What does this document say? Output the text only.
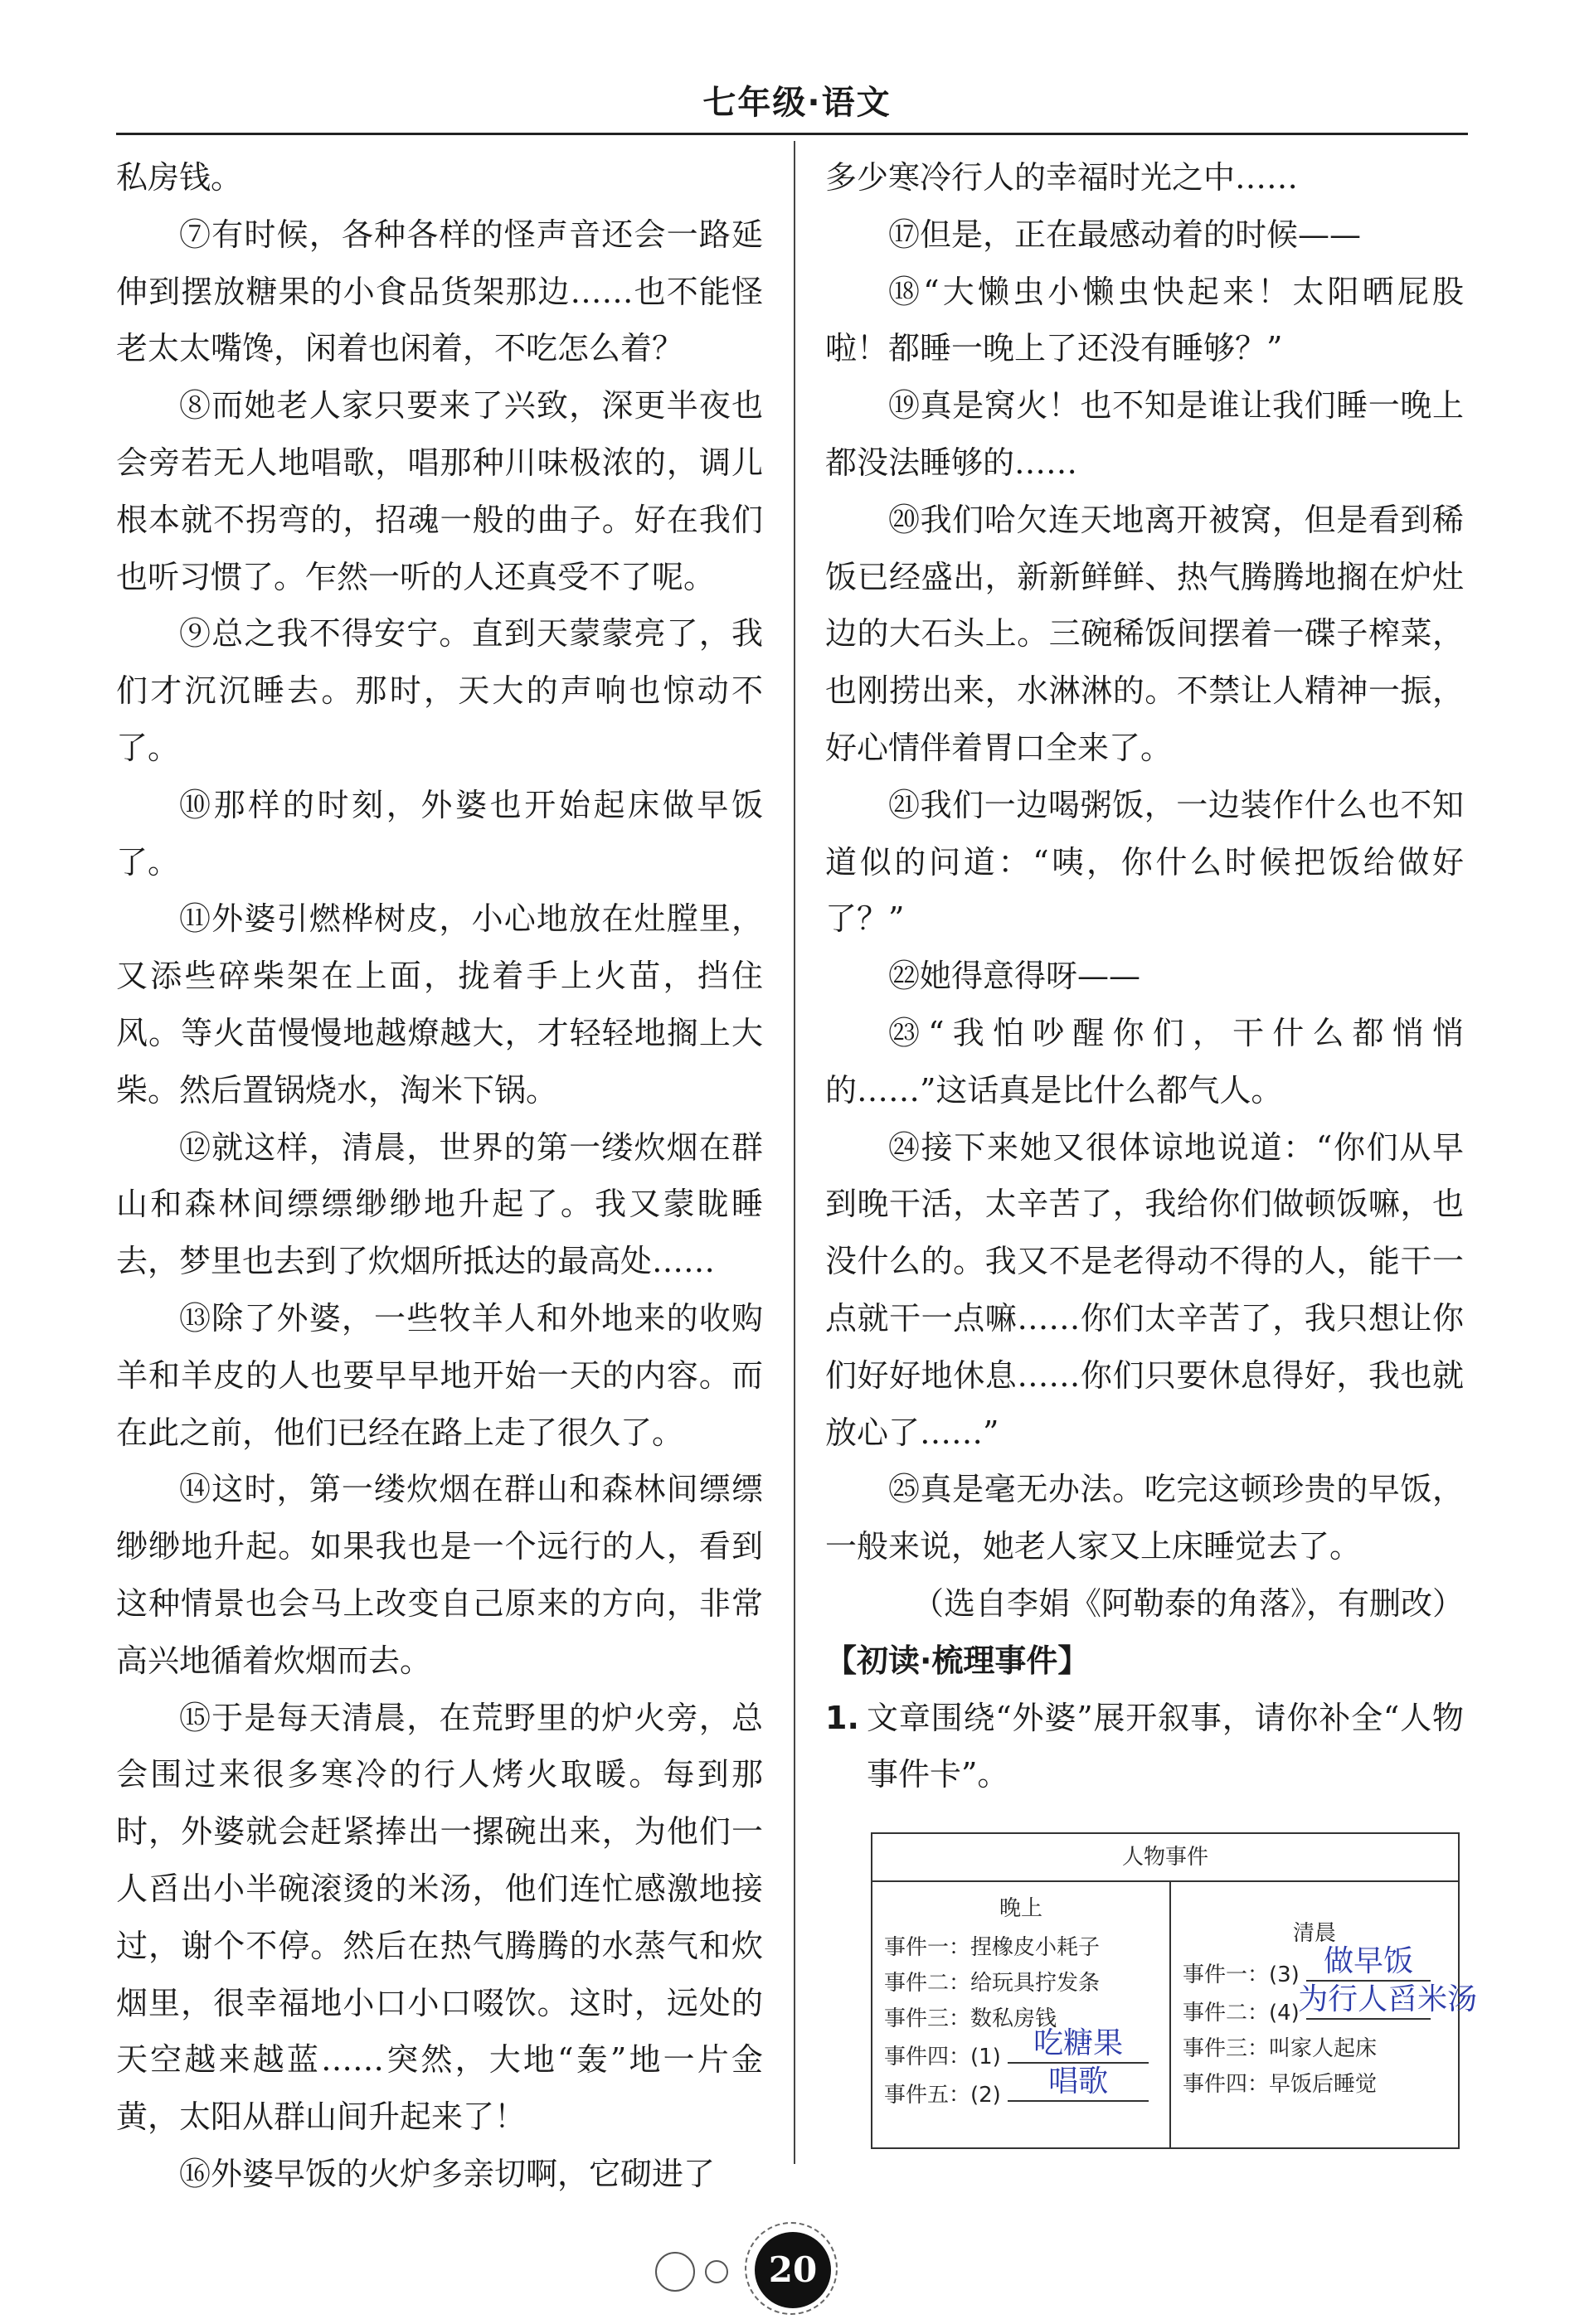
七年级·语文

私房钱。

⑦有时候，各种各样的怪声音还会一路延伸到摆放糖果的小食品货架那边……也不能怪老太太嘴馋，闲着也闲着，不吃怎么着？

⑧而她老人家只要来了兴致，深更半夜也会旁若无人地唱歌，唱那种川味极浓的，调儿根本就不拐弯的，招魂一般的曲子。好在我们也听习惯了。乍然一听的人还真受不了呢。

⑨总之我不得安宁。直到天蒙蒙亮了，我们才沉沉睡去。那时，天大的声响也惊动不了。

⑩那样的时刻，外婆也开始起床做早饭了。

⑪外婆引燃桦树皮，小心地放在灶膛里，又添些碎柴架在上面，拢着手上火苗，挡住风。等火苗慢慢地越燎越大，才轻轻地搁上大柴。然后置锅烧水，淘米下锅。

⑫就这样，清晨，世界的第一缕炊烟在群山和森林间缥缥缈缈地升起了。我又蒙眬睡去，梦里也去到了炊烟所抵达的最高处……

⑬除了外婆，一些牧羊人和外地来的收购羊和羊皮的人也要早早地开始一天的内容。而在此之前，他们已经在路上走了很久了。

⑭这时，第一缕炊烟在群山和森林间缥缥缈缈地升起。如果我也是一个远行的人，看到这种情景也会马上改变自己原来的方向，非常高兴地循着炊烟而去。

⑮于是每天清晨，在荒野里的炉火旁，总会围过来很多寒冷的行人烤火取暖。每到那时，外婆就会赶紧捧出一摞碗出来，为他们一人舀出小半碗滚烫的米汤，他们连忙感激地接过，谢个不停。然后在热气腾腾的水蒸气和炊烟里，很幸福地小口小口啜饮。这时，远处的天空越来越蓝……突然，大地“轰”地一片金黄，太阳从群山间升起来了！

⑯外婆早饭的火炉多亲切啊，它砌进了

多少寒冷行人的幸福时光之中……

⑰但是，正在最感动着的时候——

⑱“大懒虫小懒虫快起来！太阳晒屁股啦！都睡一晚上了还没有睡够？”

⑲真是窝火！也不知是谁让我们睡一晚上都没法睡够的……

⑳我们哈欠连天地离开被窝，但是看到稀饭已经盛出，新新鲜鲜、热气腾腾地搁在炉灶边的大石头上。三碗稀饭间摆着一碟子榨菜，也刚捞出来，水淋淋的。不禁让人精神一振，好心情伴着胃口全来了。

㉑我们一边喝粥饭，一边装作什么也不知道似的问道：“咦，你什么时候把饭给做好了？”

㉒她得意得呀——

㉓“我怕吵醒你们，干什么都悄悄的……”这话真是比什么都气人。

㉔接下来她又很体谅地说道：“你们从早到晚干活，太辛苦了，我给你们做顿饭嘛，也没什么的。我又不是老得动不得的人，能干一点就干一点嘛……你们太辛苦了，我只想让你们好好地休息……你们只要休息得好，我也就放心了……”

㉕真是毫无办法。吃完这顿珍贵的早饭，一般来说，她老人家又上床睡觉去了。

（选自李娟《阿勒泰的角落》，有删改）

【初读·梳理事件】
1. 文章围绕“外婆”展开叙事，请你补全“人物事件卡”。
人物事件
晚上
事件一：捏橡皮小耗子
事件二：给玩具拧发条
事件三：数私房钱
事件四：(1)	吃糖果
事件五：(2)	唱歌
清晨
事件一：(3) 做早饭
事件二：(4)
为行人舀米汤
事件三：叫家人起床
事件四：早饭后睡觉
20
